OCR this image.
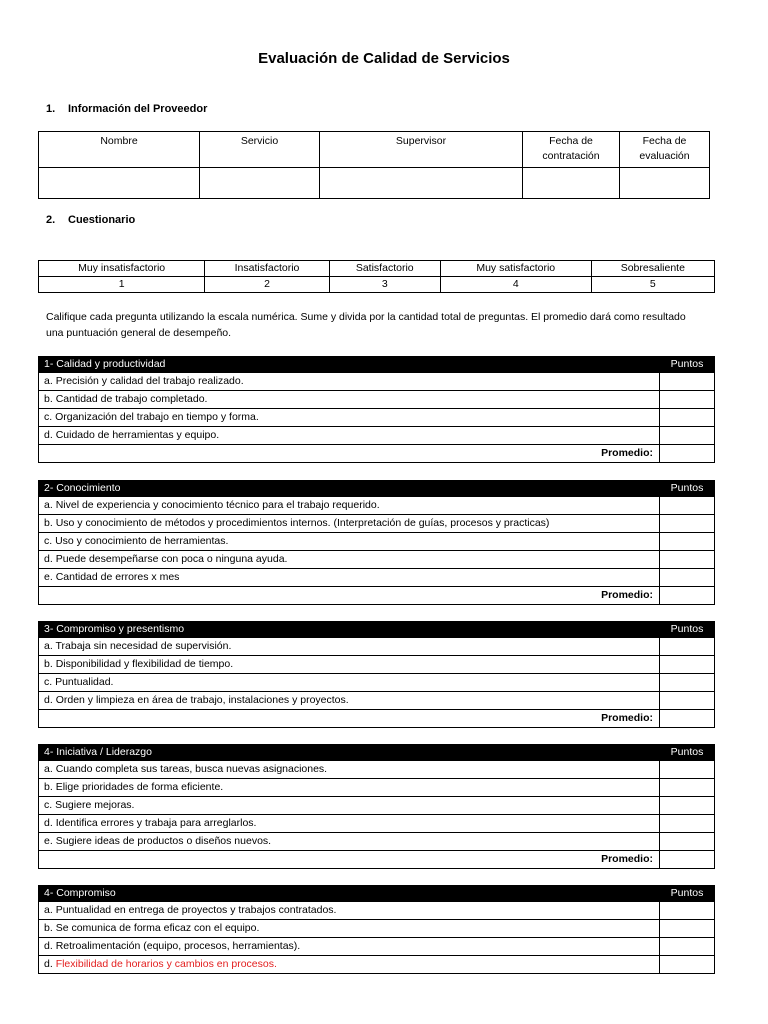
Evaluación de Calidad de Servicios
1. Información del Proveedor
Nombre	Servicio	Supervisor	Fecha de contratación	Fecha de evaluación

2. Cuestionario
Muy insatisfactorio	Insatisfactorio	Satisfactorio	Muy satisfactorio	Sobresaliente
1	2	3	4	5
Califique cada pregunta utilizando la escala numérica. Sume y divida por la cantidad total de preguntas. El promedio dará como resultado una puntuación general de desempeño.
1- Calidad y productividad	Puntos
a. Precisión y calidad del trabajo realizado.	
b. Cantidad de trabajo completado.	
c. Organización del trabajo en tiempo y forma.	
d. Cuidado de herramientas y equipo.	
Promedio:	
2- Conocimiento	Puntos
a. Nivel de experiencia y conocimiento técnico para el trabajo requerido.	
b. Uso y conocimiento de métodos y procedimientos internos. (Interpretación de guías, procesos y practicas)	
c. Uso y conocimiento de herramientas.	
d. Puede desempeñarse con poca o ninguna ayuda.	
e. Cantidad de errores x mes	
Promedio:	
3- Compromiso y presentismo	Puntos
a. Trabaja sin necesidad de supervisión.	
b. Disponibilidad y flexibilidad de tiempo.	
c. Puntualidad.	
d. Orden y limpieza en área de trabajo, instalaciones y proyectos.	
Promedio:	
4- Iniciativa / Liderazgo	Puntos
a. Cuando completa sus tareas, busca nuevas asignaciones.	
b. Elige prioridades de forma eficiente.	
c. Sugiere mejoras.	
d. Identifica errores y trabaja para arreglarlos.	
e. Sugiere ideas de productos o diseños nuevos.	
Promedio:	
4- Compromiso	Puntos
a. Puntualidad en entrega de proyectos y trabajos contratados.	
b. Se comunica de forma eficaz con el equipo.	
d. Retroalimentación (equipo, procesos, herramientas).	
d. Flexibilidad de horarios y cambios en procesos.	
